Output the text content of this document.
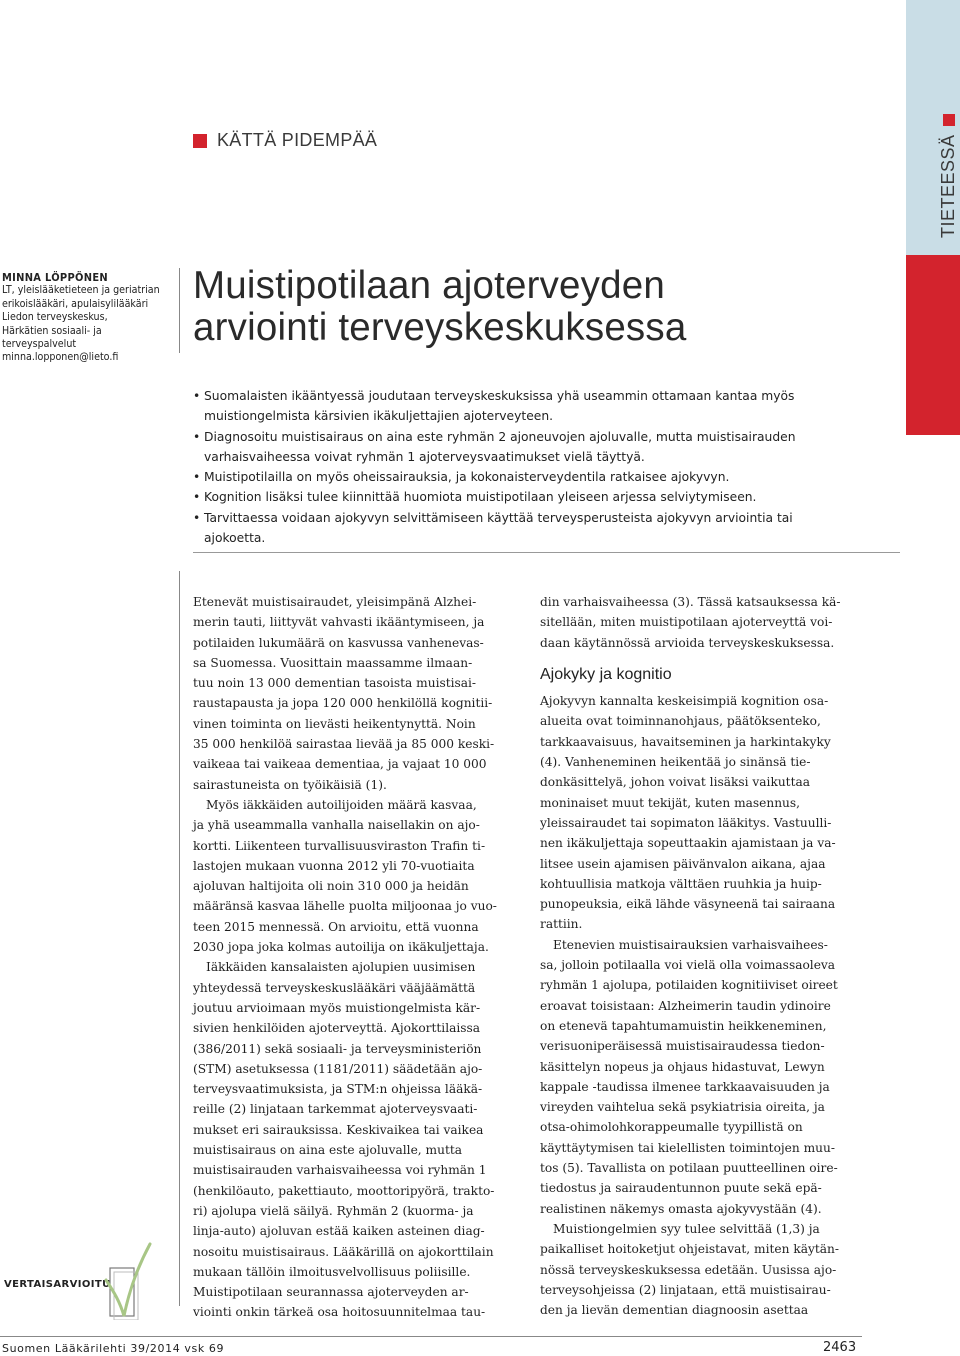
TIETEESSÄ
KÄTTÄ PIDEMPÄÄ
MINNA LÖPPÖNEN
LT, yleislääketieteen ja geriatrian
erikoislääkäri, apulaisylilääkäri
Liedon terveyskeskus,
Härkätien sosiaali- ja
terveyspalvelut
minna.lopponen@lieto.fi
Muistipotilaan ajoterveyden
arviointi terveyskeskuksessa
• Suomalaisten ikääntyessä joudutaan terveyskeskuksissa yhä useammin ottamaan kantaa myös
muistiongelmista kärsivien ikäkuljettajien ajoterveyteen.
• Diagnosoitu muistisairaus on aina este ryhmän 2 ajoneuvojen ajoluvalle, mutta muistisairauden
varhaisvaiheessa voivat ryhmän 1 ajoterveysvaatimukset vielä täyttyä.
• Muistipotilailla on myös oheissairauksia, ja kokonaisterveydentila ratkaisee ajokyvyn.
• Kognition lisäksi tulee kiinnittää huomiota muistipotilaan yleiseen arjessa selviytymiseen.
• Tarvittaessa voidaan ajokyvyn selvittämiseen käyttää terveysperusteista ajokyvyn arviointia tai
ajokoetta.

Etenevät muistisairaudet, yleisimpänä Alzhei-
merin tauti, liittyvät vahvasti ikääntymiseen, ja
potilaiden lukumäärä on kasvussa vanhenevas-
sa Suomessa. Vuosittain maassamme ilmaan-
tuu noin 13 000 dementian tasoista muistisai-
raustapausta ja jopa 120 000 henkilöllä kognitii-
vinen toiminta on lievästi heikentynyttä. Noin
35 000 henkilöä sairastaa lievää ja 85 000 keski-
vaikeaa tai vaikeaa dementiaa, ja vajaat 10 000
sairastuneista on työikäisiä (1).

Myös iäkkäiden autoilijoiden määrä kasvaa,
ja yhä useammalla vanhalla naisellakin on ajo-
kortti. Liikenteen turvallisuusviraston Trafin ti-
lastojen mukaan vuonna 2012 yli 70-vuotiaita
ajoluvan haltijoita oli noin 310 000 ja heidän
määränsä kasvaa lähelle puolta miljoonaa jo vuo-
teen 2015 mennessä. On arvioitu, että vuonna
2030 jopa joka kolmas autoilija on ikäkuljettaja.

Iäkkäiden kansalaisten ajolupien uusimisen
yhteydessä terveyskeskuslääkäri vääjäämättä
joutuu arvioimaan myös muistiongelmista kär-
sivien henkilöiden ajoterveyttä. Ajokorttilaissa
(386/2011) sekä sosiaali- ja terveysministeriön
(STM) asetuksessa (1181/2011) säädetään ajo-
terveysvaatimuksista, ja STM:n ohjeissa lääkä-
reille (2) linjataan tarkemmat ajoterveysvaati-
mukset eri sairauksissa. Keskivaikea tai vaikea
muistisairaus on aina este ajoluvalle, mutta
muistisairauden varhaisvaiheessa voi ryhmän 1
(henkilöauto, pakettiauto, moottoripyörä, trakto-
ri) ajolupa vielä säilyä. Ryhmän 2 (kuorma- ja
linja-auto) ajoluvan estää kaiken asteinen diag-
nosoitu muistisairaus. Lääkärillä on ajokorttilain
mukaan tällöin ilmoitusvelvollisuus poliisille.
Muistipotilaan seurannassa ajoterveyden ar-
viointi onkin tärkeä osa hoitosuunnitelmaa tau-

din varhaisvaiheessa (3). Tässä katsauksessa kä-
sitellään, miten muistipotilaan ajoterveyttä voi-
daan käytännössä arvioida terveyskeskuksessa.

Ajokyky ja kognitio

Ajokyvyn kannalta keskeisimpiä kognition osa-
alueita ovat toiminnanohjaus, päätöksenteko,
tarkkaavaisuus, havaitseminen ja harkintakyky
(4). Vanheneminen heikentää jo sinänsä tie-
donkäsittelyä, johon voivat lisäksi vaikuttaa
moninaiset muut tekijät, kuten masennus,
yleissairaudet tai sopimaton lääkitys. Vastuulli-
nen ikäkuljettaja sopeuttaakin ajamistaan ja va-
litsee usein ajamisen päivänvalon aikana, ajaa
kohtuullisia matkoja välttäen ruuhkia ja huip-
punopeuksia, eikä lähde väsyneenä tai sairaana
rattiin.

Etenevien muistisairauksien varhaisvaihees-
sa, jolloin potilaalla voi vielä olla voimassaoleva
ryhmän 1 ajolupa, potilaiden kognitiiviset oireet
eroavat toisistaan: Alzheimerin taudin ydinoire
on etenevä tapahtumamuistin heikkeneminen,
verisuoniperäisessä muistisairaudessa tiedon-
käsittelyn nopeus ja ohjaus hidastuvat, Lewyn
kappale -taudissa ilmenee tarkkaavaisuuden ja
vireyden vaihtelua sekä psykiatrisia oireita, ja
otsa-ohimolohkorappeumalle tyypillistä on
käyttäytymisen tai kielellisten toimintojen muu-
tos (5). Tavallista on potilaan puutteellinen oire-
tiedostus ja sairaudentunnon puute sekä epä-
realistinen näkemys omasta ajokyvystään (4).

Muistiongelmien syy tulee selvittää (1,3) ja
paikalliset hoitoketjut ohjeistavat, miten käytän-
nössä terveyskeskuksessa edetään. Uusissa ajo-
terveysohjeissa (2) linjataan, että muistisairau-
den ja lievän dementian diagnoosin asettaa

VERTAISARVIOITU
Suomen Lääkärilehti 39/2014 vsk 69	2463
